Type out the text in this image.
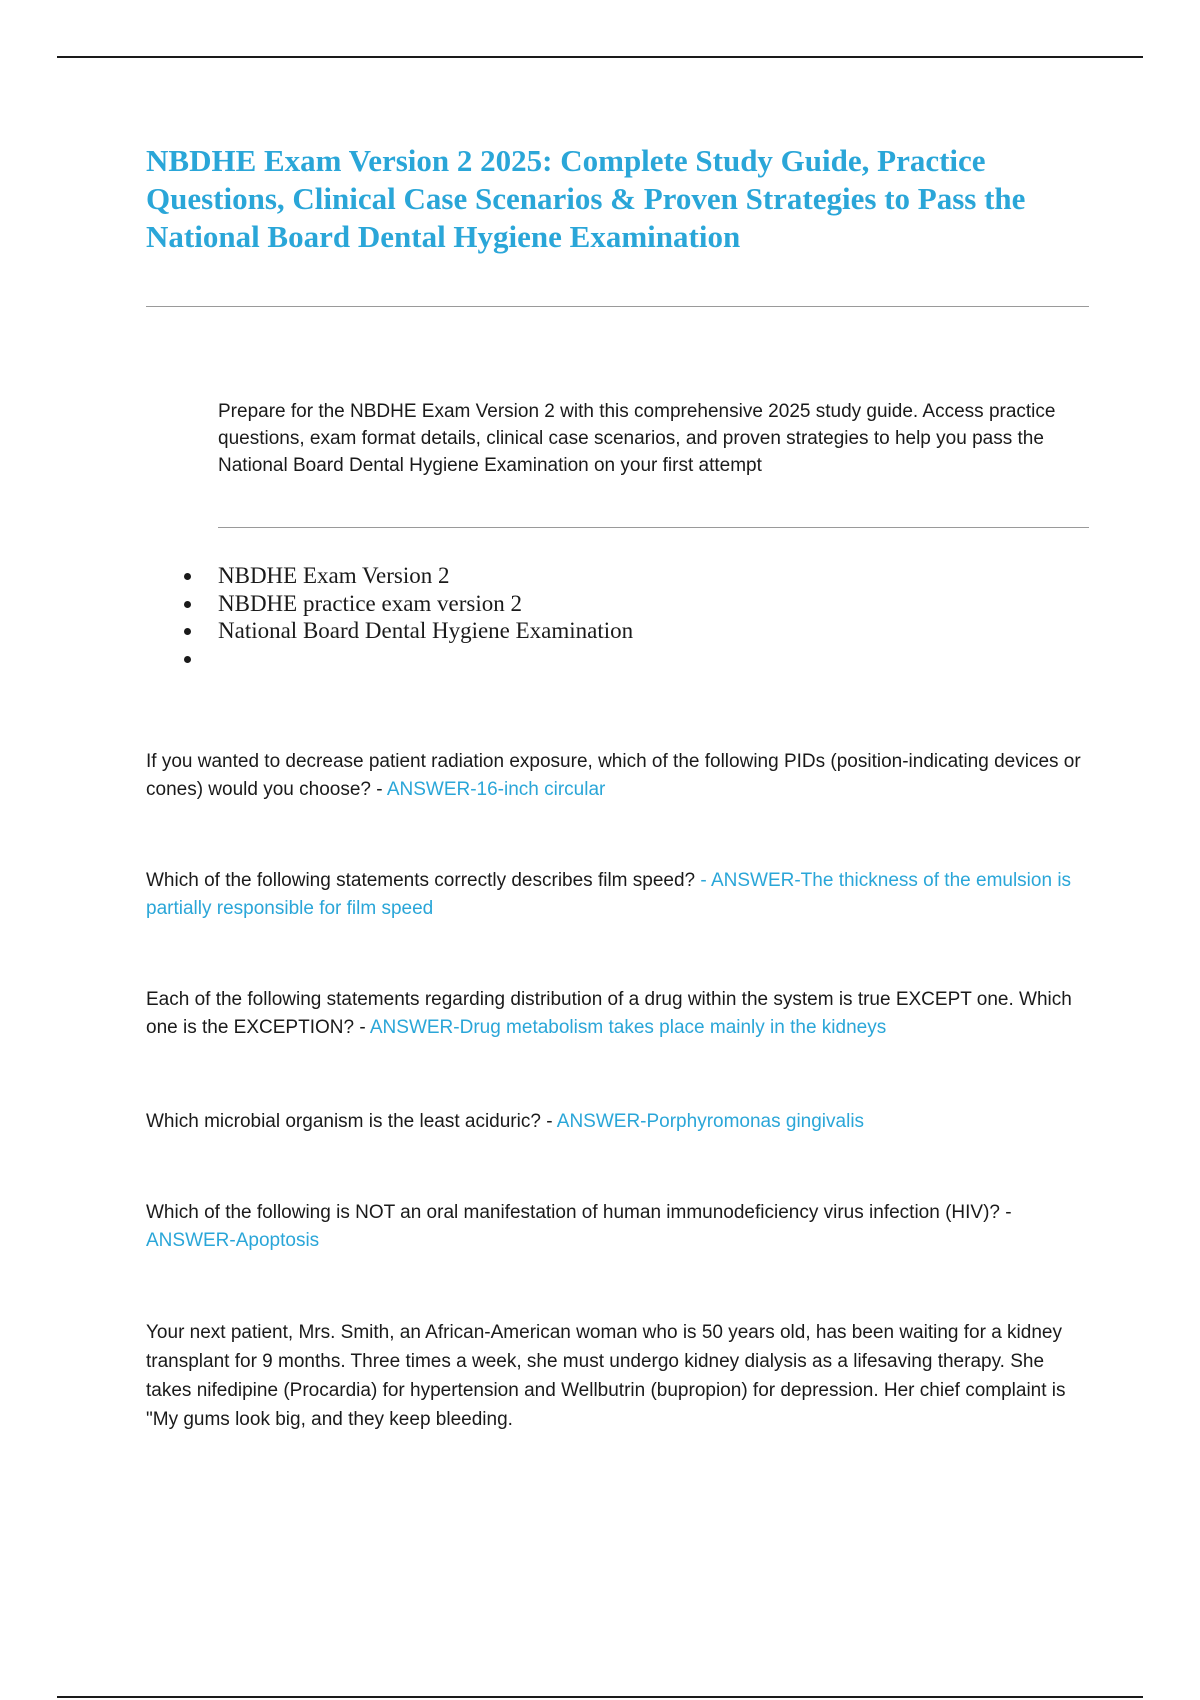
NBDHE Exam Version 2 2025: Complete Study Guide, Practice Questions, Clinical Case Scenarios & Proven Strategies to Pass the National Board Dental Hygiene Examination

Prepare for the NBDHE Exam Version 2 with this comprehensive 2025 study guide. Access practice questions, exam format details, clinical case scenarios, and proven strategies to help you pass the National Board Dental Hygiene Examination on your first attempt

NBDHE Exam Version 2
NBDHE practice exam version 2
National Board Dental Hygiene Examination

If you wanted to decrease patient radiation exposure, which of the following PIDs (position-indicating devices or cones) would you choose? - ANSWER-16-inch circular

Which of the following statements correctly describes film speed? - ANSWER-The thickness of the emulsion is partially responsible for film speed

Each of the following statements regarding distribution of a drug within the system is true EXCEPT one. Which one is the EXCEPTION? - ANSWER-Drug metabolism takes place mainly in the kidneys

Which microbial organism is the least aciduric? - ANSWER-Porphyromonas gingivalis

Which of the following is NOT an oral manifestation of human immunodeficiency virus infection (HIV)? - ANSWER-Apoptosis

Your next patient, Mrs. Smith, an African-American woman who is 50 years old, has been waiting for a kidney transplant for 9 months. Three times a week, she must undergo kidney dialysis as a lifesaving therapy. She takes nifedipine (Procardia) for hypertension and Wellbutrin (bupropion) for depression. Her chief complaint is "My gums look big, and they keep bleeding.
